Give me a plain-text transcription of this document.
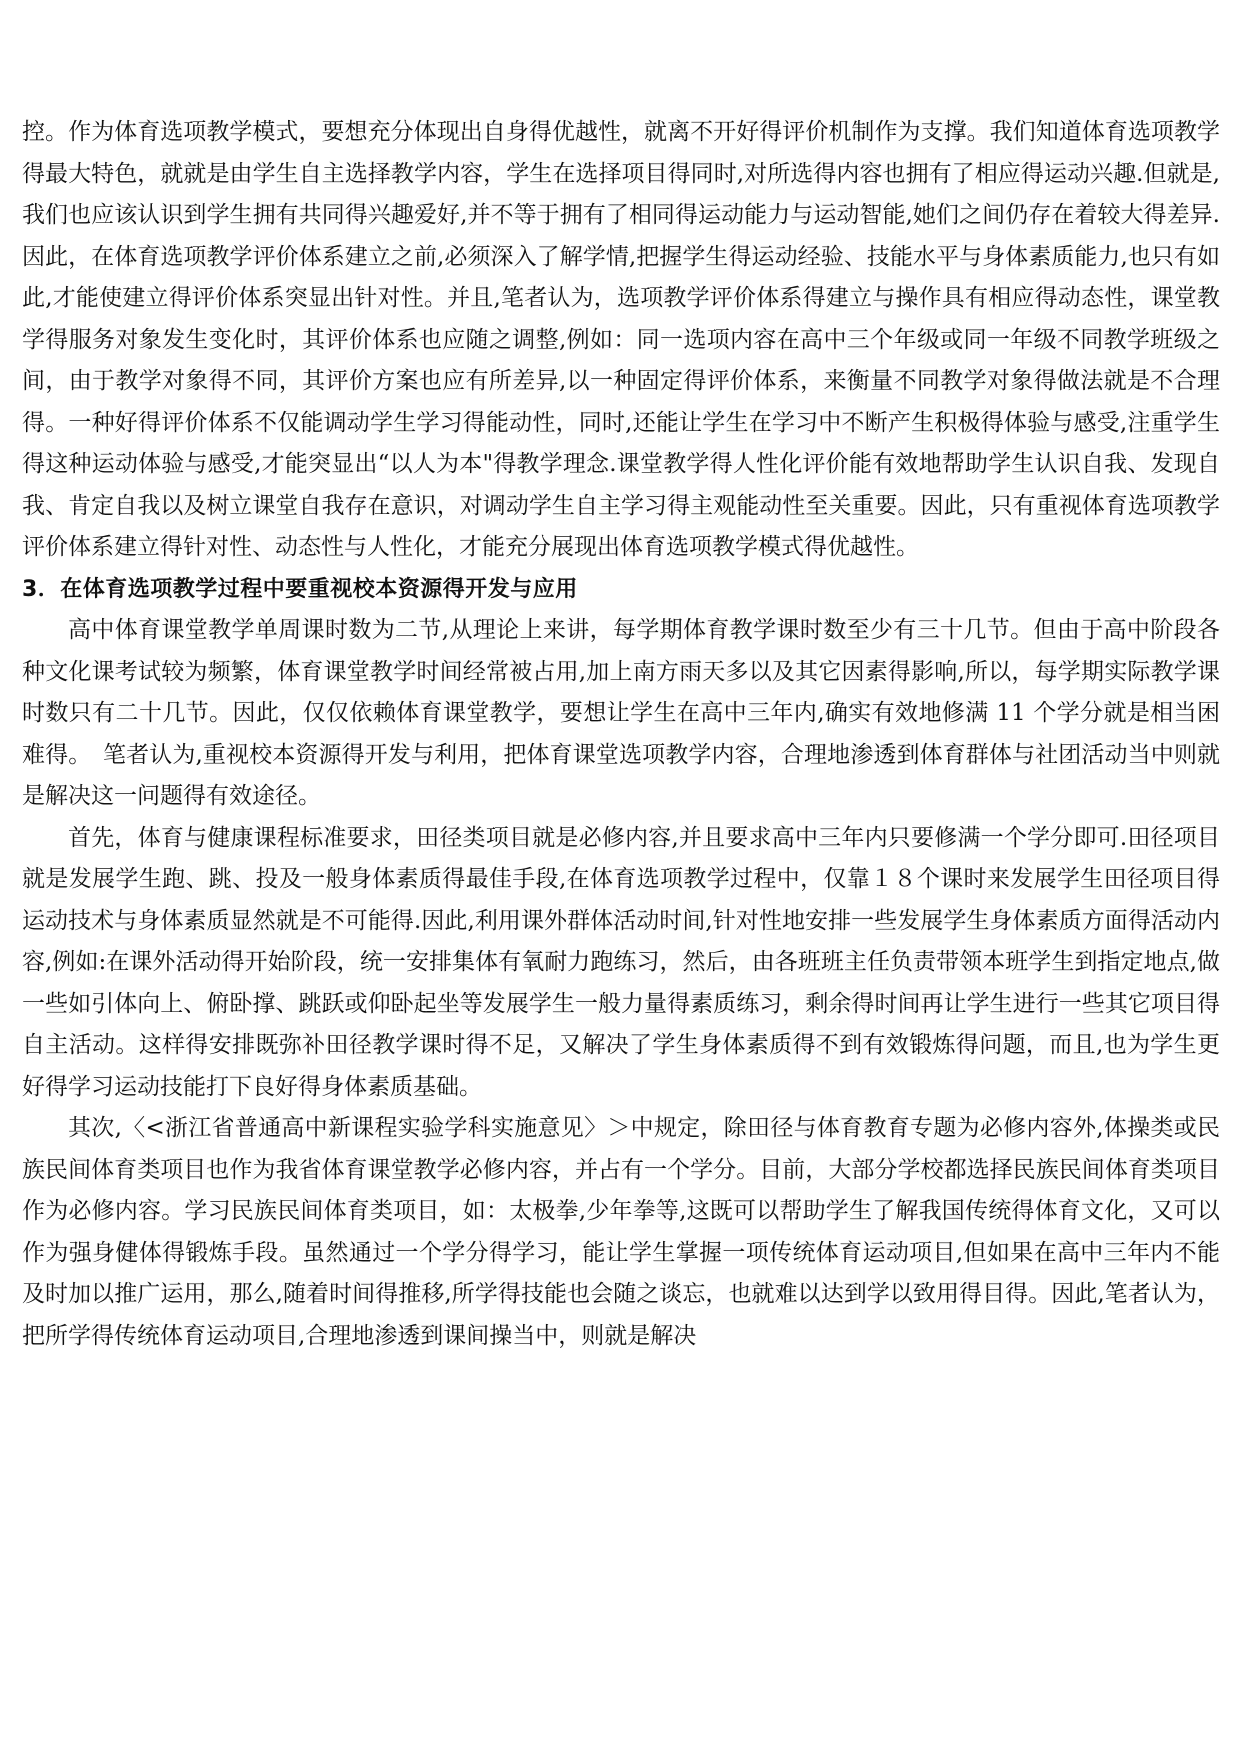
控。作为体育选项教学模式，要想充分体现出自身得优越性，就离不开好得评价机制作为支撑。我们知道体育选项教学得最大特色，就就是由学生自主选择教学内容，学生在选择项目得同时,对所选得内容也拥有了相应得运动兴趣.但就是,我们也应该认识到学生拥有共同得兴趣爱好,并不等于拥有了相同得运动能力与运动智能,她们之间仍存在着较大得差异.因此，在体育选项教学评价体系建立之前,必须深入了解学情,把握学生得运动经验、技能水平与身体素质能力,也只有如此,才能使建立得评价体系突显出针对性。并且,笔者认为，选项教学评价体系得建立与操作具有相应得动态性，课堂教学得服务对象发生变化时，其评价体系也应随之调整,例如：同一选项内容在高中三个年级或同一年级不同教学班级之间，由于教学对象得不同，其评价方案也应有所差异,以一种固定得评价体系，来衡量不同教学对象得做法就是不合理得。一种好得评价体系不仅能调动学生学习得能动性，同时,还能让学生在学习中不断产生积极得体验与感受,注重学生得这种运动体验与感受,才能突显出“以人为本"得教学理念.课堂教学得人性化评价能有效地帮助学生认识自我、发现自我、肯定自我以及树立课堂自我存在意识，对调动学生自主学习得主观能动性至关重要。因此，只有重视体育选项教学评价体系建立得针对性、动态性与人性化，才能充分展现出体育选项教学模式得优越性。

3．在体育选项教学过程中要重视校本资源得开发与应用

高中体育课堂教学单周课时数为二节,从理论上来讲，每学期体育教学课时数至少有三十几节。但由于高中阶段各种文化课考试较为频繁，体育课堂教学时间经常被占用,加上南方雨天多以及其它因素得影响,所以，每学期实际教学课时数只有二十几节。因此，仅仅依赖体育课堂教学，要想让学生在高中三年内,确实有效地修满 11 个学分就是相当困难得。　笔者认为,重视校本资源得开发与利用，把体育课堂选项教学内容，合理地渗透到体育群体与社团活动当中则就是解决这一问题得有效途径。

首先，体育与健康课程标准要求，田径类项目就是必修内容,并且要求高中三年内只要修满一个学分即可.田径项目就是发展学生跑、跳、投及一般身体素质得最佳手段,在体育选项教学过程中，仅靠１８个课时来发展学生田径项目得运动技术与身体素质显然就是不可能得.因此,利用课外群体活动时间,针对性地安排一些发展学生身体素质方面得活动内容,例如:在课外活动得开始阶段，统一安排集体有氧耐力跑练习，然后，由各班班主任负责带领本班学生到指定地点,做一些如引体向上、俯卧撑、跳跃或仰卧起坐等发展学生一般力量得素质练习，剩余得时间再让学生进行一些其它项目得自主活动。这样得安排既弥补田径教学课时得不足，又解决了学生身体素质得不到有效锻炼得问题，而且,也为学生更好得学习运动技能打下良好得身体素质基础。

其次,〈<浙江省普通高中新课程实验学科实施意见〉＞中规定，除田径与体育教育专题为必修内容外,体操类或民族民间体育类项目也作为我省体育课堂教学必修内容，并占有一个学分。目前，大部分学校都选择民族民间体育类项目作为必修内容。学习民族民间体育类项目，如：太极拳,少年拳等,这既可以帮助学生了解我国传统得体育文化，又可以作为强身健体得锻炼手段。虽然通过一个学分得学习，能让学生掌握一项传统体育运动项目,但如果在高中三年内不能及时加以推广运用，那么,随着时间得推移,所学得技能也会随之谈忘，也就难以达到学以致用得目得。因此,笔者认为，把所学得传统体育运动项目,合理地渗透到课间操当中，则就是解决
